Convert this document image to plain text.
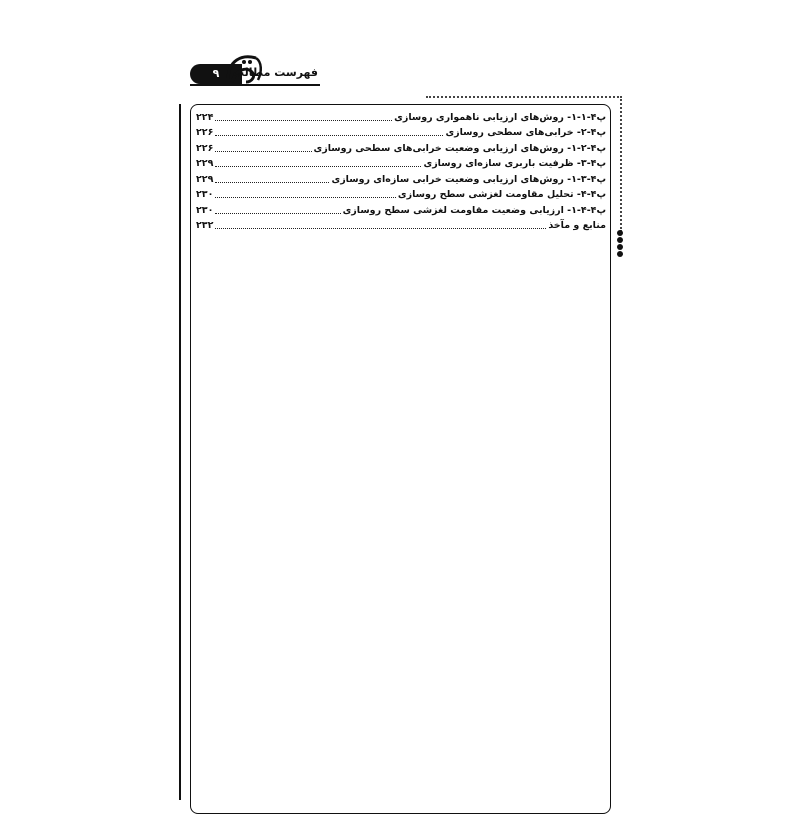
۹	فهرست مطالب
۲۲۴	پ۴-۱-۱- روش‌های ارزیابی ناهمواری روسازی
۲۲۶	پ۴-۲- خرابی‌های سطحی روسازی
۲۲۶	پ۴-۲-۱- روش‌های ارزیابی وضعیت خرابی‌های سطحی روسازی
۲۲۹	پ۴-۳- ظرفیت باربری سازه‌ای روسازی
۲۲۹	پ۴-۳-۱- روش‌های ارزیابی وضعیت خرابی سازه‌ای روسازی
۲۳۰	پ۴-۴- تحلیل مقاومت لغزشی سطح روسازی
۲۳۰	پ۴-۴-۱- ارزیابی وضعیت مقاومت لغزشی سطح روسازی
۲۳۲	منابع و مآخذ
